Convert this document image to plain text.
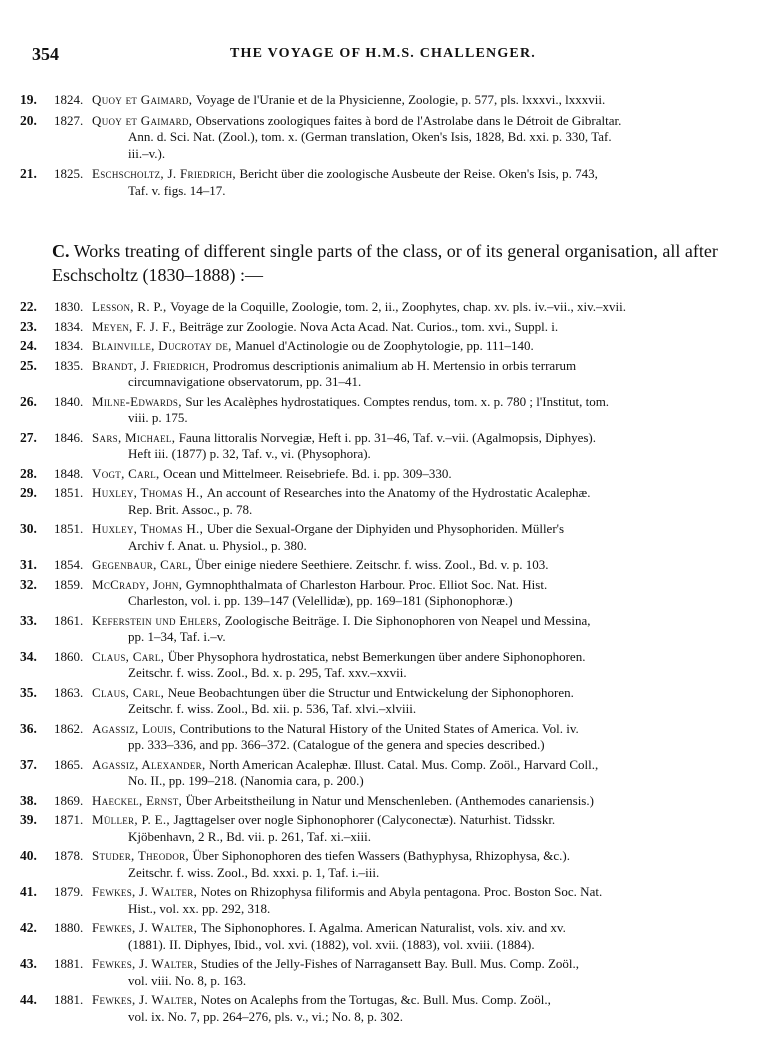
354	THE VOYAGE OF H.M.S. CHALLENGER.
19.	1824. Quoy et Gaimard, Voyage de l'Uranie et de la Physicienne, Zoologie, p. 577, pls. lxxxvi., lxxxvii.
20.	1827. Quoy et Gaimard, Observations zoologiques faites à bord de l'Astrolabe dans le Détroit de Gibraltar.
Ann. d. Sci. Nat. (Zool.), tom. x. (German translation, Oken's Isis, 1828, Bd. xxi. p. 330, Taf.
iii.–v.).
21.	1825. Eschscholtz, J. Friedrich, Bericht über die zoologische Ausbeute der Reise. Oken's Isis, p. 743,
Taf. v. figs. 14–17.
C. Works treating of different single parts of the class, or of its general organisation, all after Eschscholtz (1830–1888) :—
22.	1830. Lesson, R. P., Voyage de la Coquille, Zoologie, tom. 2, ii., Zoophytes, chap. xv. pls. iv.–vii., xiv.–xvii.
23.	1834. Meyen, F. J. F., Beiträge zur Zoologie. Nova Acta Acad. Nat. Curios., tom. xvi., Suppl. i.
24.	1834. Blainville, Ducrotay de, Manuel d'Actinologie ou de Zoophytologie, pp. 111–140.
25.	1835. Brandt, J. Friedrich, Prodromus descriptionis animalium ab H. Mertensio in orbis terrarum
circumnavigatione observatorum, pp. 31–41.
26.	1840. Milne-Edwards, Sur les Acalèphes hydrostatiques. Comptes rendus, tom. x. p. 780 ; l'Institut, tom.
viii. p. 175.
27.	1846. Sars, Michael, Fauna littoralis Norvegiæ, Heft i. pp. 31–46, Taf. v.–vii. (Agalmopsis, Diphyes).
Heft iii. (1877) p. 32, Taf. v., vi. (Physophora).
28.	1848. Vogt, Carl, Ocean und Mittelmeer. Reisebriefe. Bd. i. pp. 309–330.
29.	1851. Huxley, Thomas H., An account of Researches into the Anatomy of the Hydrostatic Acalephæ.
Rep. Brit. Assoc., p. 78.
30.	1851. Huxley, Thomas H., Uber die Sexual-Organe der Diphyiden und Physophoriden. Müller's
Archiv f. Anat. u. Physiol., p. 380.
31.	1854. Gegenbaur, Carl, Über einige niedere Seethiere. Zeitschr. f. wiss. Zool., Bd. v. p. 103.
32.	1859. McCrady, John, Gymnophthalmata of Charleston Harbour. Proc. Elliot Soc. Nat. Hist.
Charleston, vol. i. pp. 139–147 (Velellidæ), pp. 169–181 (Siphonophoræ.)
33.	1861. Keferstein und Ehlers, Zoologische Beiträge. I. Die Siphonophoren von Neapel und Messina,
pp. 1–34, Taf. i.–v.
34.	1860. Claus, Carl, Über Physophora hydrostatica, nebst Bemerkungen über andere Siphonophoren.
Zeitschr. f. wiss. Zool., Bd. x. p. 295, Taf. xxv.–xxvii.
35.	1863. Claus, Carl, Neue Beobachtungen über die Structur und Entwickelung der Siphonophoren.
Zeitschr. f. wiss. Zool., Bd. xii. p. 536, Taf. xlvi.–xlviii.
36.	1862. Agassiz, Louis, Contributions to the Natural History of the United States of America. Vol. iv.
pp. 333–336, and pp. 366–372. (Catalogue of the genera and species described.)
37.	1865. Agassiz, Alexander, North American Acalephæ. Illust. Catal. Mus. Comp. Zoöl., Harvard Coll.,
No. II., pp. 199–218. (Nanomia cara, p. 200.)
38.	1869. Haeckel, Ernst, Über Arbeitstheilung in Natur und Menschenleben. (Anthemodes canariensis.)
39.	1871. Müller, P. E., Jagttagelser over nogle Siphonophorer (Calyconectæ). Naturhist. Tidsskr.
Kjöbenhavn, 2 R., Bd. vii. p. 261, Taf. xi.–xiii.
40.	1878. Studer, Theodor, Über Siphonophoren des tiefen Wassers (Bathyphysa, Rhizophysa, &c.).
Zeitschr. f. wiss. Zool., Bd. xxxi. p. 1, Taf. i.–iii.
41.	1879. Fewkes, J. Walter, Notes on Rhizophysa filiformis and Abyla pentagona. Proc. Boston Soc. Nat.
Hist., vol. xx. pp. 292, 318.
42.	1880. Fewkes, J. Walter, The Siphonophores. I. Agalma. American Naturalist, vols. xiv. and xv.
(1881). II. Diphyes, Ibid., vol. xvi. (1882), vol. xvii. (1883), vol. xviii. (1884).
43.	1881. Fewkes, J. Walter, Studies of the Jelly-Fishes of Narragansett Bay. Bull. Mus. Comp. Zoöl.,
vol. viii. No. 8, p. 163.
44.	1881. Fewkes, J. Walter, Notes on Acalephs from the Tortugas, &c. Bull. Mus. Comp. Zoöl.,
vol. ix. No. 7, pp. 264–276, pls. v., vi.; No. 8, p. 302.
